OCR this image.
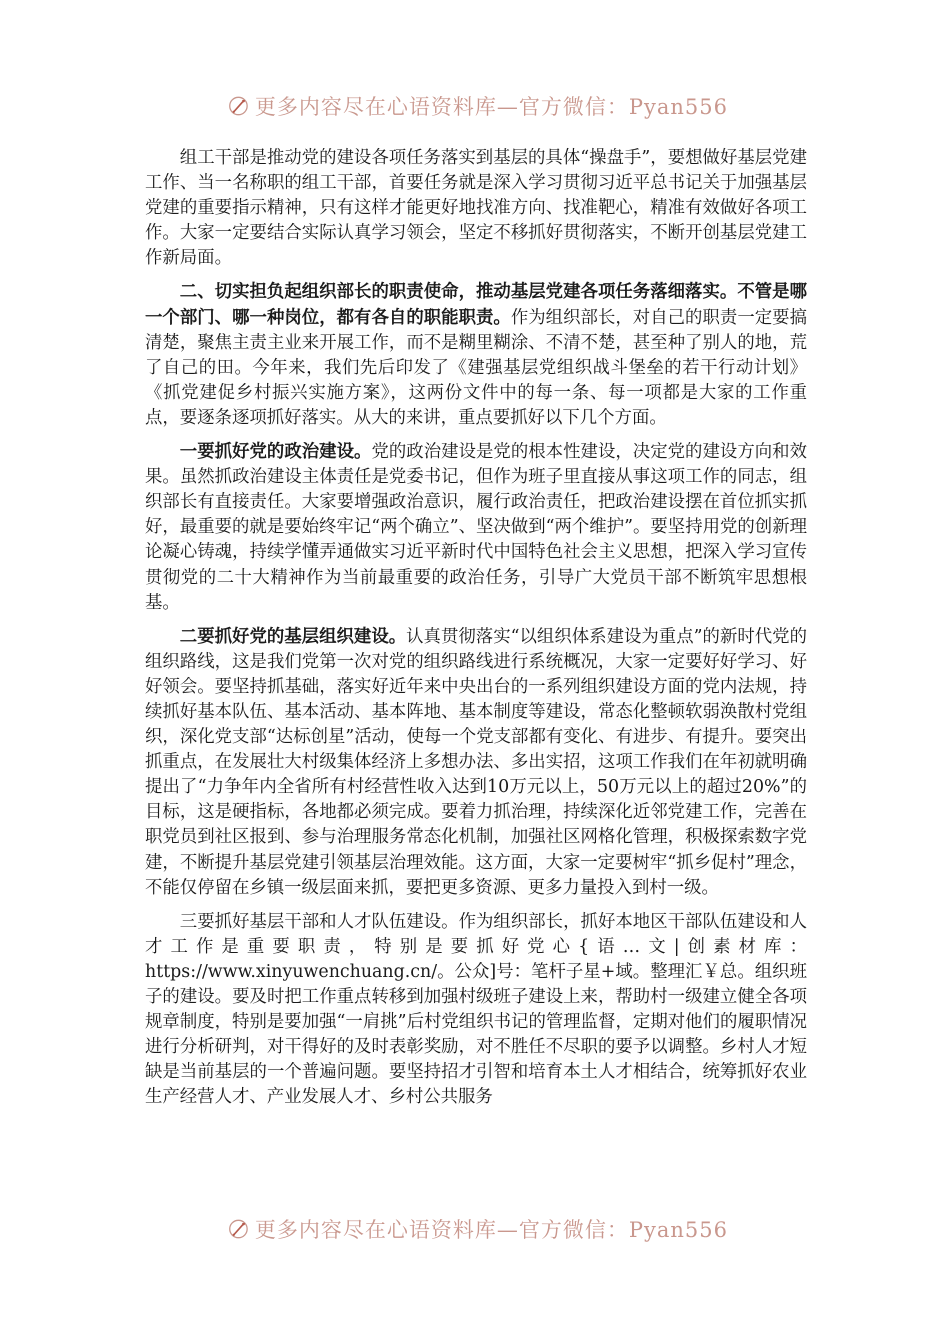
更多内容尽在心语资料库—官方微信：Pyan556

组工干部是推动党的建设各项任务落实到基层的具体“操盘手”，要想做好基层党建工作、当一名称职的组工干部，首要任务就是深入学习贯彻习近平总书记关于加强基层党建的重要指示精神，只有这样才能更好地找准方向、找准靶心，精准有效做好各项工作。大家一定要结合实际认真学习领会，坚定不移抓好贯彻落实，不断开创基层党建工作新局面。

二、切实担负起组织部长的职责使命，推动基层党建各项任务落细落实。不管是哪一个部门、哪一种岗位，都有各自的职能职责。作为组织部长，对自己的职责一定要搞清楚，聚焦主责主业来开展工作，而不是糊里糊涂、不清不楚，甚至种了别人的地，荒了自己的田。今年来，我们先后印发了《建强基层党组织战斗堡垒的若干行动计划》《抓党建促乡村振兴实施方案》，这两份文件中的每一条、每一项都是大家的工作重点，要逐条逐项抓好落实。从大的来讲，重点要抓好以下几个方面。

一要抓好党的政治建设。党的政治建设是党的根本性建设，决定党的建设方向和效果。虽然抓政治建设主体责任是党委书记，但作为班子里直接从事这项工作的同志，组织部长有直接责任。大家要增强政治意识，履行政治责任，把政治建设摆在首位抓实抓好，最重要的就是要始终牢记“两个确立”、坚决做到“两个维护”。要坚持用党的创新理论凝心铸魂，持续学懂弄通做实习近平新时代中国特色社会主义思想，把深入学习宣传贯彻党的二十大精神作为当前最重要的政治任务，引导广大党员干部不断筑牢思想根基。

二要抓好党的基层组织建设。认真贯彻落实“以组织体系建设为重点”的新时代党的组织路线，这是我们党第一次对党的组织路线进行系统概况，大家一定要好好学习、好好领会。要坚持抓基础，落实好近年来中央出台的一系列组织建设方面的党内法规，持续抓好基本队伍、基本活动、基本阵地、基本制度等建设，常态化整顿软弱涣散村党组织，深化党支部“达标创星”活动，使每一个党支部都有变化、有进步、有提升。要突出抓重点，在发展壮大村级集体经济上多想办法、多出实招，这项工作我们在年初就明确提出了“力争年内全省所有村经营性收入达到10万元以上，50万元以上的超过20%”的目标，这是硬指标，各地都必须完成。要着力抓治理，持续深化近邻党建工作，完善在职党员到社区报到、参与治理服务常态化机制，加强社区网格化管理，积极探索数字党建，不断提升基层党建引领基层治理效能。这方面，大家一定要树牢“抓乡促村”理念，不能仅停留在乡镇一级层面来抓，要把更多资源、更多力量投入到村一级。

三要抓好基层干部和人才队伍建设。作为组织部长，抓好本地区干部队伍建设和人才工作是重要职责，特别是要抓好党心{语…文|创素材库：https://www.xinyuwenchuang.cn/。公众]号：笔杆子星+域。整理汇￥总。组织班子的建设。要及时把工作重点转移到加强村级班子建设上来，帮助村一级建立健全各项规章制度，特别是要加强“一肩挑”后村党组织书记的管理监督，定期对他们的履职情况进行分析研判，对干得好的及时表彰奖励，对不胜任不尽职的要予以调整。乡村人才短缺是当前基层的一个普遍问题。要坚持招才引智和培育本土人才相结合，统筹抓好农业生产经营人才、产业发展人才、乡村公共服务

更多内容尽在心语资料库—官方微信：Pyan556
